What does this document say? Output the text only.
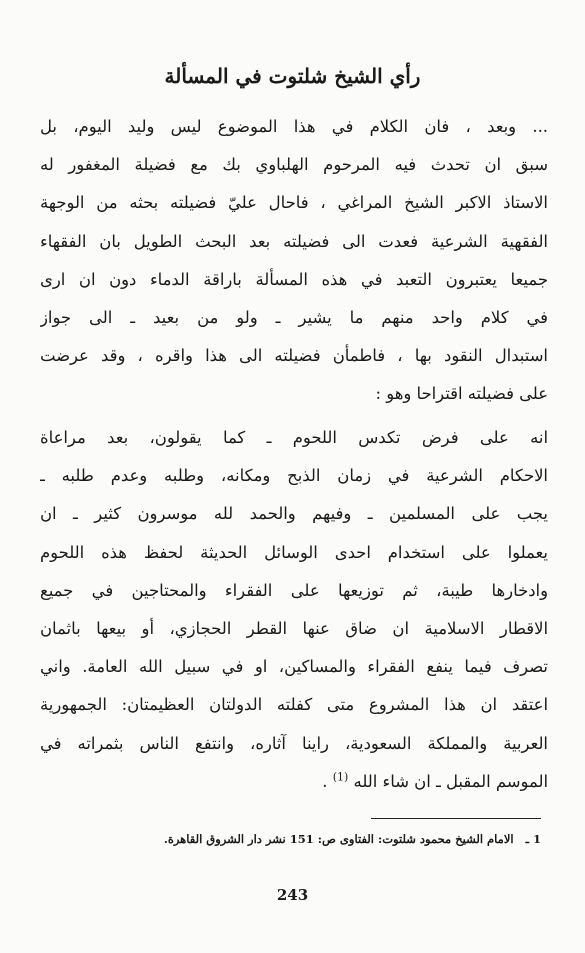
رأي الشيخ شلتوت في المسألة
... وبعد ، فان الكلام في هذا الموضوع ليس وليد اليوم، بل
سبق ان تحدث فيه المرحوم الهلباوي بك مع فضيلة المغفور له
الاستاذ الاكبر الشيخ المراغي ، فاحال عليّ فضيلته بحثه من الوجهة
الفقهية الشرعية فعدت الى فضيلته بعد البحث الطويل بان الفقهاء
جميعا يعتبرون التعبد في هذه المسألة باراقة الدماء دون ان ارى
في كلام واحد منهم ما يشير ـ ولو من بعيد ـ الى جواز
استبدال النقود بها ، فاطمأن فضيلته الى هذا واقره ، وقد عرضت
على فضيلته اقتراحا وهو :
انه على فرض تكدس اللحوم ـ كما يقولون، بعد مراعاة
الاحكام الشرعية في زمان الذبح ومكانه، وطلبه وعدم طلبه ـ
يجب على المسلمين ـ وفيهم والحمد لله موسرون كثير ـ ان
يعملوا على استخدام احدى الوسائل الحديثة لحفظ هذه اللحوم
وادخارها طيبة، ثم توزيعها على الفقراء والمحتاجين في جميع
الاقطار الاسلامية ان ضاق عنها القطر الحجازي، أو بيعها باثمان
تصرف فيما ينفع الفقراء والمساكين، او في سبيل الله العامة. واني
اعتقد ان هذا المشروع متى كفلته الدولتان العظيمتان: الجمهورية
العربية والمملكة السعودية، راينا آثاره، وانتفع الناس بثمراته في
الموسم المقبل ـ ان شاء الله $^{(1)}$ .
1 ـ الامام الشيخ محمود شلتوت: الفتاوى ص: 151 نشر دار الشروق القاهرة.
243
